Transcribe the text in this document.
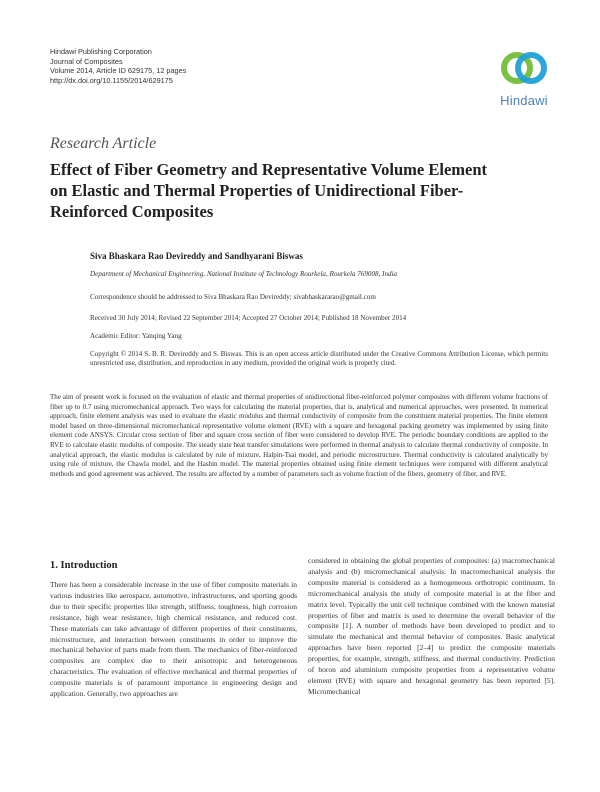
Hindawi Publishing Corporation
Journal of Composites
Volume 2014, Article ID 629175, 12 pages
http://dx.doi.org/10.1155/2014/629175
Hindawi
Research Article
Effect of Fiber Geometry and Representative Volume Element on Elastic and Thermal Properties of Unidirectional Fiber-Reinforced Composites
Siva Bhaskara Rao Devireddy and Sandhyarani Biswas
Department of Mechanical Engineering, National Institute of Technology Rourkela, Rourkela 769008, India
Correspondence should be addressed to Siva Bhaskara Rao Devireddy; sivabhaskararao@gmail.com
Received 30 July 2014; Revised 22 September 2014; Accepted 27 October 2014; Published 18 November 2014
Academic Editor: Yanqing Yang
Copyright © 2014 S. B. R. Devireddy and S. Biswas. This is an open access article distributed under the Creative Commons Attribution License, which permits unrestricted use, distribution, and reproduction in any medium, provided the original work is properly cited.
The aim of present work is focused on the evaluation of elastic and thermal properties of unidirectional fiber-reinforced polymer composites with different volume fractions of fiber up to 0.7 using micromechanical approach. Two ways for calculating the material properties, that is, analytical and numerical approaches, were presented. In numerical approach, finite element analysis was used to evaluate the elastic modulus and thermal conductivity of composite from the constituent material properties. The finite element model based on three-dimensional micromechanical representative volume element (RVE) with a square and hexagonal packing geometry was implemented by using finite element code ANSYS. Circular cross section of fiber and square cross section of fiber were considered to develop RVE. The periodic boundary conditions are applied to the RVE to calculate elastic modulus of composite. The steady state heat transfer simulations were performed in thermal analysis to calculate thermal conductivity of composite. In analytical approach, the elastic modulus is calculated by rule of mixture, Halpin-Tsai model, and periodic microstructure. Thermal conductivity is calculated analytically by using rule of mixture, the Chawla model, and the Hashin model. The material properties obtained using finite element techniques were compared with different analytical methods and good agreement was achieved. The results are affected by a number of parameters such as volume fraction of the fibers, geometry of fiber, and RVE.
1. Introduction
There has been a considerable increase in the use of fiber composite materials in various industries like aerospace, automotive, infrastructures, and sporting goods due to their specific properties like strength, stiffness, toughness, high corrosion resistance, high wear resistance, high chemical resistance, and reduced cost. These materials can take advantage of different properties of their constituents, microstructure, and interaction between constituents in order to improve the mechanical behavior of parts made from them. The mechanics of fiber-reinforced composites are complex due to their anisotropic and heterogeneous characteristics. The evaluation of effective mechanical and thermal properties of composite materials is of paramount importance in engineering design and application. Generally, two approaches are
considered in obtaining the global properties of composites: (a) macromechanical analysis and (b) micromechanical analysis. In macromechanical analysis the composite material is considered as a homogeneous orthotropic continuum. In micromechanical analysis the study of composite material is at the fiber and matrix level. Typically the unit cell technique combined with the known material properties of fiber and matrix is used to determine the overall behavior of the composite [1]. A number of methods have been developed to predict and to simulate the mechanical and thermal behavior of composites. Basic analytical approaches have been reported [2–4] to predict the composite materials properties, for example, strength, stiffness, and thermal conductivity. Prediction of boron and aluminium composite properties from a representative volume element (RVE) with square and hexagonal geometry has been reported [5]. Micromechanical
